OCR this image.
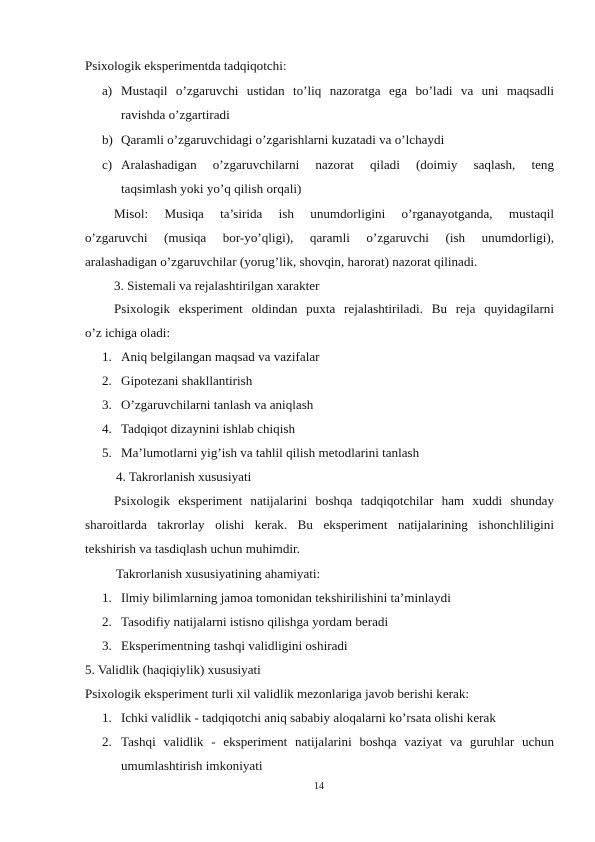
Psixologik eksperimentda tadqiqotchi:
a) Mustaqil o’zgaruvchi ustidan to’liq nazoratga ega bo’ladi va uni maqsadli
ravishda o’zgartiradi
b) Qaramli o’zgaruvchidagi o’zgarishlarni kuzatadi va o’lchaydi
c) Aralashadigan o’zgaruvchilarni nazorat qiladi (doimiy saqlash, teng
taqsimlash yoki yo’q qilish orqali)
Misol: Musiqa ta’sirida ish unumdorligini o’rganayotganda, mustaqil
o’zgaruvchi (musiqa bor-yo’qligi), qaramli o’zgaruvchi (ish unumdorligi),
aralashadigan o’zgaruvchilar (yorug’lik, shovqin, harorat) nazorat qilinadi.
3. Sistemali va rejalashtirilgan xarakter
Psixologik eksperiment oldindan puxta rejalashtiriladi. Bu reja quyidagilarni
o’z ichiga oladi:
1. Aniq belgilangan maqsad va vazifalar
2. Gipotezani shakllantirish
3. O’zgaruvchilarni tanlash va aniqlash
4. Tadqiqot dizaynini ishlab chiqish
5. Ma’lumotlarni yig’ish va tahlil qilish metodlarini tanlash
4. Takrorlanish xususiyati
Psixologik eksperiment natijalarini boshqa tadqiqotchilar ham xuddi shunday
sharoitlarda takrorlay olishi kerak. Bu eksperiment natijalarining ishonchliligini
tekshirish va tasdiqlash uchun muhimdir.
Takrorlanish xususiyatining ahamiyati:
1. Ilmiy bilimlarning jamoa tomonidan tekshirilishini ta’minlaydi
2. Tasodifiy natijalarni istisno qilishga yordam beradi
3. Eksperimentning tashqi validligini oshiradi
5. Validlik (haqiqiylik) xususiyati
Psixologik eksperiment turli xil validlik mezonlariga javob berishi kerak:
1. Ichki validlik - tadqiqotchi aniq sababiy aloqalarni ko’rsata olishi kerak
2. Tashqi validlik - eksperiment natijalarini boshqa vaziyat va guruhlar uchun
umumlashtirish imkoniyati
14
